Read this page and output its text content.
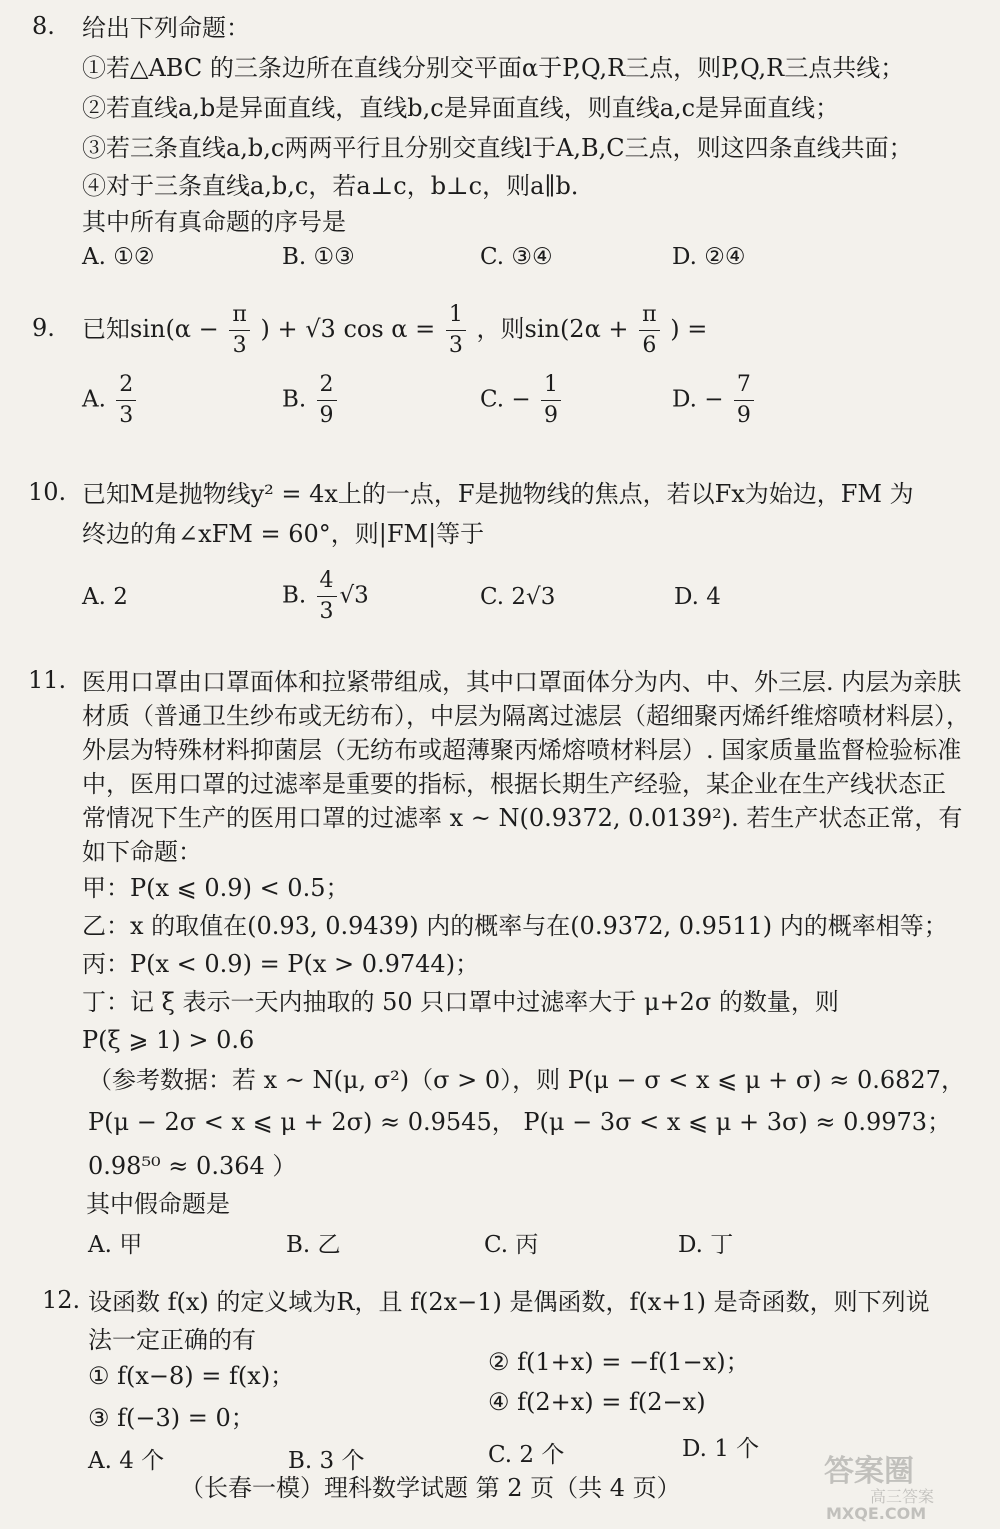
8. 给出下列命题：
①若△ABC 的三条边所在直线分别交平面α于P,Q,R三点，则P,Q,R三点共线；
②若直线a,b是异面直线，直线b,c是异面直线，则直线a,c是异面直线；
③若三条直线a,b,c两两平行且分别交直线l于A,B,C三点，则这四条直线共面；
④对于三条直线a,b,c，若a⊥c，b⊥c，则a∥b．
其中所有真命题的序号是
A. ①②	B. ①③	C. ③④	D. ②④
9. 已知$\sin(\alpha - \frac{\pi}{3}$ ) + √3 $\cos \alpha = \frac{1}{3}$ ，则$\sin(2\alpha + \frac{\pi}{6}$ ) =
A. $\frac{2}{3}$	B. $\frac{2}{9}$	C. − $\frac{1}{9}$	D. − $\frac{7}{9}$
10. 已知M是抛物线y² = 4x上的一点，F是抛物线的焦点，若以Fx为始边，FM 为
终边的角∠xFM = 60°，则|FM|等于
A. 2	B. $\frac{4}{3} √3$	C. 2√3	D. 4
11. 医用口罩由口罩面体和拉紧带组成，其中口罩面体分为内、中、外三层. 内层为亲肤
材质（普通卫生纱布或无纺布），中层为隔离过滤层（超细聚丙烯纤维熔喷材料层），
外层为特殊材料抑菌层（无纺布或超薄聚丙烯熔喷材料层）. 国家质量监督检验标准
中，医用口罩的过滤率是重要的指标，根据长期生产经验，某企业在生产线状态正
常情况下生产的医用口罩的过滤率 x ~ N(0.9372, 0.0139²). 若生产状态正常，有
如下命题：
甲：P(x ⩽ 0.9) < 0.5；
乙：x 的取值在(0.93, 0.9439) 内的概率与在(0.9372, 0.9511) 内的概率相等；
丙：P(x < 0.9) = P(x > 0.9744)；
丁：记 ξ 表示一天内抽取的 50 只口罩中过滤率大于 μ+2σ 的数量，则
P(ξ ⩾ 1) > 0.6
（参考数据：若 x ~ N(μ, σ²)（σ > 0），则 P(μ − σ < x ⩽ μ + σ) ≈ 0.6827，
P(μ − 2σ < x ⩽ μ + 2σ) ≈ 0.9545， P(μ − 3σ < x ⩽ μ + 3σ) ≈ 0.9973；
0.98⁵⁰ ≈ 0.364 ）
其中假命题是
A. 甲	B. 乙	C. 丙	D. 丁
12. 设函数 f(x) 的定义域为R，且 f(2x−1) 是偶函数，f(x+1) 是奇函数，则下列说
法一定正确的有
① f(x−8) = f(x)；	② f(1+x) = −f(1−x)；
③ f(−3) = 0；
④ f(2+x) = f(2−x)
A. 4 个	B. 3 个	C. 2 个	D. 1 个
（长春一模）理科数学试题 第 2 页（共 4 页）	答案圈
高三答案
MXQE.COM
